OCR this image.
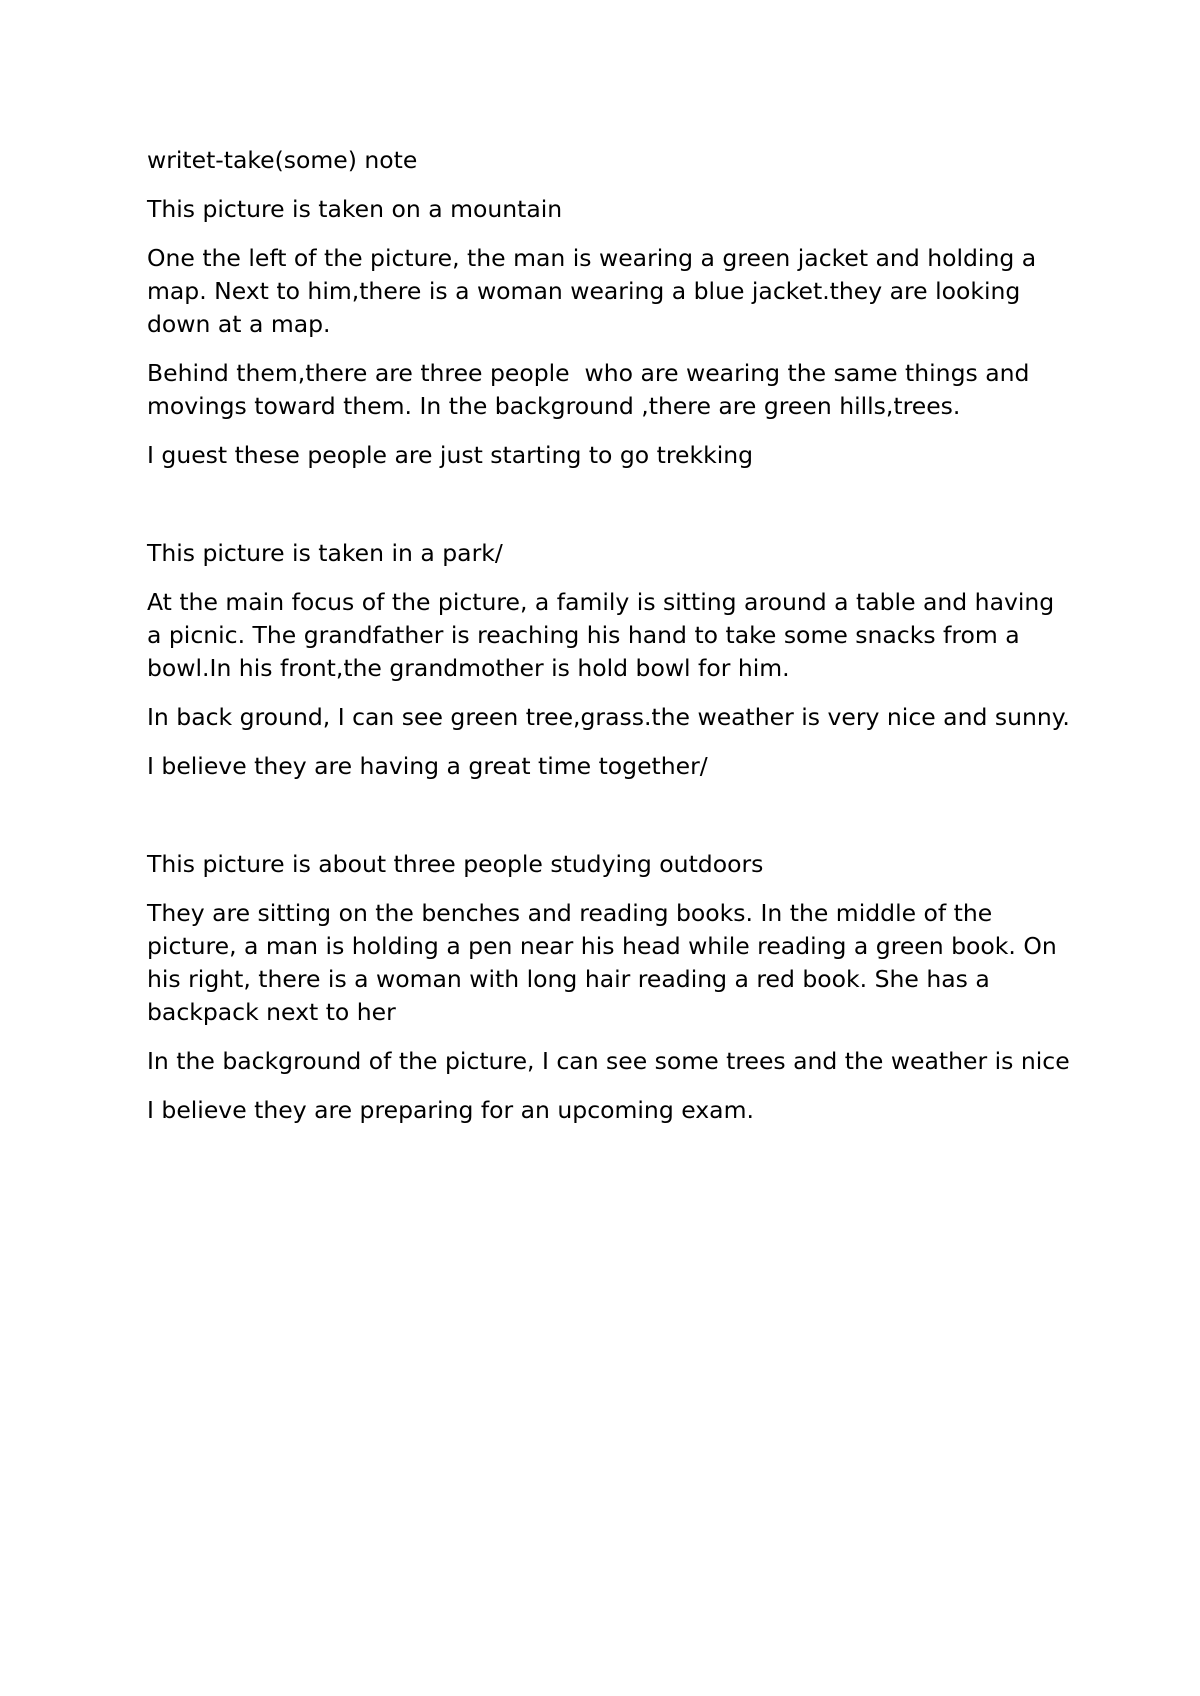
writet-take(some) note

This picture is taken on a mountain

One the left of the picture, the man is wearing a green jacket and holding a map. Next to him,there is a woman wearing a blue jacket.they are looking down at a map.

Behind them,there are three people  who are wearing the same things and movings toward them. In the background ,there are green hills,trees.

I guest these people are just starting to go trekking

This picture is taken in a park/

At the main focus of the picture, a family is sitting around a table and having  a picnic. The grandfather is reaching his hand to take some snacks from a bowl.In his front,the grandmother is hold bowl for him.

In back ground, I can see green tree,grass.the weather is very nice and sunny.

I believe they are having a great time together/

This picture is about three people studying outdoors

They are sitting on the benches and reading books. In the middle of the picture, a man is holding a pen near his head while reading a green book. On his right, there is a woman with long hair reading a red book. She has a backpack next to her

In the background of the picture, I can see some trees and the weather is nice

I believe they are preparing for an upcoming exam.
